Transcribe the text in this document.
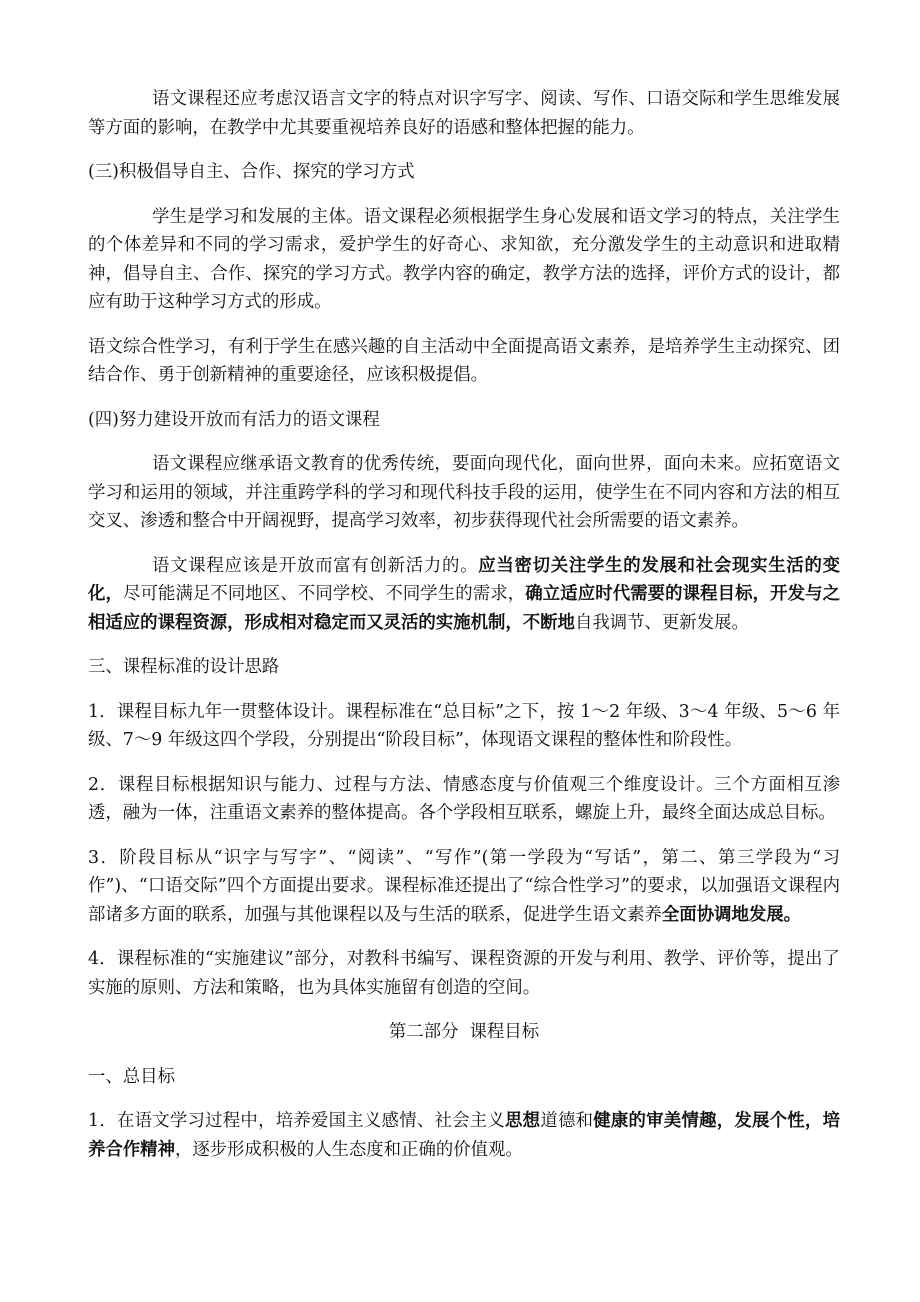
语文课程还应考虑汉语言文字的特点对识字写字、阅读、写作、口语交际和学生思维发展等方面的影响，在教学中尤其要重视培养良好的语感和整体把握的能力。

(三)积极倡导自主、合作、探究的学习方式

学生是学习和发展的主体。语文课程必须根据学生身心发展和语文学习的特点，关注学生的个体差异和不同的学习需求，爱护学生的好奇心、求知欲，充分激发学生的主动意识和进取精神，倡导自主、合作、探究的学习方式。教学内容的确定，教学方法的选择，评价方式的设计，都应有助于这种学习方式的形成。

语文综合性学习，有利于学生在感兴趣的自主活动中全面提高语文素养，是培养学生主动探究、团结合作、勇于创新精神的重要途径，应该积极提倡。

(四)努力建设开放而有活力的语文课程

语文课程应继承语文教育的优秀传统，要面向现代化，面向世界，面向未来。应拓宽语文学习和运用的领域，并注重跨学科的学习和现代科技手段的运用，使学生在不同内容和方法的相互交叉、渗透和整合中开阔视野，提高学习效率，初步获得现代社会所需要的语文素养。

语文课程应该是开放而富有创新活力的。应当密切关注学生的发展和社会现实生活的变化，尽可能满足不同地区、不同学校、不同学生的需求，确立适应时代需要的课程目标，开发与之相适应的课程资源，形成相对稳定而又灵活的实施机制，不断地自我调节、更新发展。

三、课程标准的设计思路

1．课程目标九年一贯整体设计。课程标准在“总目标”之下，按 1～2 年级、3～4 年级、5～6 年级、7～9 年级这四个学段，分别提出“阶段目标”，体现语文课程的整体性和阶段性。

2．课程目标根据知识与能力、过程与方法、情感态度与价值观三个维度设计。三个方面相互渗透，融为一体，注重语文素养的整体提高。各个学段相互联系，螺旋上升，最终全面达成总目标。

3．阶段目标从“识字与写字”、“阅读”、“写作”(第一学段为“写话”，第二、第三学段为“习作”)、“口语交际”四个方面提出要求。课程标准还提出了“综合性学习”的要求，以加强语文课程内部诸多方面的联系，加强与其他课程以及与生活的联系，促进学生语文素养全面协调地发展。

4．课程标准的“实施建议”部分，对教科书编写、课程资源的开发与利用、教学、评价等，提出了实施的原则、方法和策略，也为具体实施留有创造的空间。

第二部分  课程目标

一、总目标

1．在语文学习过程中，培养爱国主义感情、社会主义思想道德和健康的审美情趣，发展个性，培养合作精神，逐步形成积极的人生态度和正确的价值观。
